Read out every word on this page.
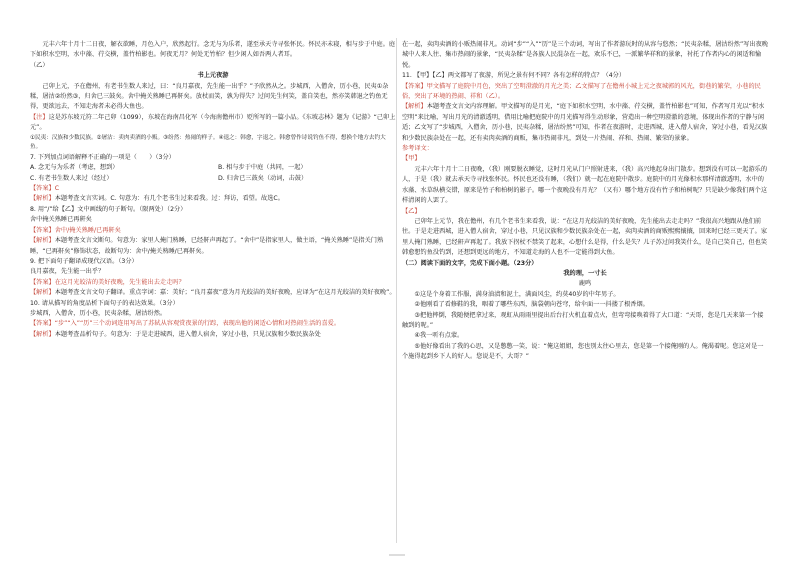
元丰六年十月十二日夜，解衣欲睡，月色入户，欣然起行。念无与为乐者，遂至承天寺寻张怀民。怀民亦未寝，相与步于中庭。庭下如积水空明，水中藻、荇交横，盖竹柏影也。何夜无月？何处无竹柏？但少闲人如吾两人者耳。

（乙）

书上元夜游

己卯上元，予在儋州，有老书生数人来过，曰：“良月嘉夜，先生能一出乎？”予欣然从之。步城西，入僧舍，历小巷，民夷①杂糅，屠沽②纷然③，归舍已三鼓矣。舍中掩关熟睡已再鼾矣。放杖而笑，孰为得失？过问先生何笑，盖自笑也，然亦笑韩退之钓鱼无得，更欲远去，不知走海者未必得大鱼也。

【注】这是苏东坡元符二年己卯（1099），东坡在海南昌化军（今海南儋州市）贬所写的一篇小品。《东坡志林》题为《记游》“己卯上元”。

①民夷：汉族和少数民族。②屠沽：卖肉卖酒的小贩。③纷然：热闹的样子。④退之：韩愈，字退之。韩愈曾作诗说钓鱼不得，想换个地方去钓大鱼。

7. 下列加点词语解释不正确的一项是（　　）（3分）

A. 念无与为乐者（考虑，想到）	B. 相与步于中庭（共同，一起）
C. 有老书生数人来过（经过）	D. 归舍已三鼓矣（动词，击鼓）

【答案】C

【解析】本题考查文言实词。C. 句意为：有几个老书生过来看我。过：拜访，看望。故选C。

8. 用“/”给【乙】文中画线的句子断句。（限两处）（2分）

舍中掩关熟睡已再鼾矣

【答案】舍中/掩关熟睡/已再鼾矣

【解析】本题考查文言文断句。句意为：家里人掩门熟睡，已经鼾声再起了。“舍中”是指家里人，做主语，“掩关熟睡”是指关门熟睡，“已再鼾矣”修饰状态，故断句为：舍中/掩关熟睡/已再鼾矣。

9. 把下面句子翻译成现代汉语。（3分）

良月嘉夜，先生能一出乎？

【答案】在这月光皎洁的美好夜晚，先生能出去走走吗？

【解析】本题考查文言文句子翻译。重点字词：嘉：美好；“良月嘉夜”意为月光皎洁的美好夜晚，应译为“在这月光皎洁的美好夜晚”。

10. 请从描写的角度品析下面句子的表达效果。（3分）

步城西，入僧舍，历小巷，民夷杂糅，屠沽纷然。

【答案】“步”“入”“历”三个动词连用写出了苏轼从容观赏夜景的行踪，表现出他的闲适心情和对热闹生活的喜爱。

【解析】本题考查品析句子。句意为：于是走进城西，进入僧人宿舍，穿过小巷，只见汉族和少数民族杂处

在一起，卖肉卖酒的小贩热闹非凡。动词“步”“入”“历”是三个动词，写出了作者游玩时的从容与悠然；“民夷杂糅，屠沽纷然”写出夜晚城中人来人往、集市热闹的景象，“民夷杂糅”是各族人民混杂在一起，欢乐不已，一派繁华祥和的景象，衬托了作者内心的闲适和愉悦。

11. 【甲】【乙】两文都写了夜游，所见之景有何不同？各有怎样的特点？（4分）

【答案】甲文描写了庭院中月色，突出了空明澄澈的月光之美；乙文描写了在儋州小城上元之夜城郭的风光，街巷的繁荣，小巷的民俗，突出了环境的热闹、祥和（乙）。

【解析】本题考查文言文内容理解。甲文描写的是月光，“庭下如积水空明，水中藻、荇交横，盖竹柏影也”可知，作者写月光以“积水空明”来比喻，写出月光的清澈透明，借用比喻把庭院中的月光描写得生动形象，营造出一种空明澄澈的意境，体现出作者的宁静与闲适；乙文写了“步城西，入僧舍，历小巷，民夷杂糅，屠沽纷然”可知，作者在夜游时，走进西城，进入僧人宿舍，穿过小巷，看见汉族和少数民族杂处在一起，还有卖肉卖酒的商贩，集市热闹非凡，到处一片热闹、祥和、热闹、繁荣的景象。

参考译文：

【甲】

元丰六年十月十二日夜晚，（我）刚要脱衣睡觉，这时月光从门户照射进来，（我）高兴地起身出门散步。想到没有可以一起游乐的人，于是（我）就去承天寺寻找张怀民。怀民也还没有睡，（我们）就一起在庭院中散步。庭院中的月光像积水那样清澈透明，水中的水藻、水草纵横交错，原来是竹子和柏树的影子。哪一个夜晚没有月光？（又有）哪个地方没有竹子和柏树呢？只是缺少像我们两个这样清闲的人罢了。

【乙】

己卯年上元节，我在儋州，有几个老书生来看我，说：“在这月光皎洁的美好夜晚，先生能出去走走吗？”我很高兴地跟从他们前往。于是走进西城，进入僧人宿舍，穿过小巷，只见汉族和少数民族杂处在一起，卖肉卖酒的商贩熙熙攘攘，回来时已经三更天了。家里人掩门熟睡，已经鼾声再起了。我放下拐杖不禁笑了起来，心想什么是得，什么是失？儿子苏过问我笑什么，是自己笑自己，但也笑韩愈想钓鱼没钓到，还想到更远的地方，不知道走海的人也不一定能得到大鱼。

（二）阅读下面的文字，完成下面小题。（23分）

我的理，一寸长

鹿鸣

①这是个身着工作服，满身油渍和泥土，满面风尘，约莫40岁的中年男子。

②他刚看了看修鞋的我，咽着了哪些东西，脑袋朝向苍穹，给伞面一一抖搂了根香烟。

③把他摔倒，我随便把拿过来，观虹从雨雨里提出后台打火机直着点火，但弯弯接唤着得了大口道：“天哥，您是几天来第一个接触到的呢。”

④我一听有点蒙。

⑤他好像看出了我的心思，又是憋憋一笑，说：“俺这姐姐，您也别太往心里去，您是第一个接俺刚的人。俺渴着呢。您这对是一个施得起到乡下人的好人。您说是不，大哥？”
